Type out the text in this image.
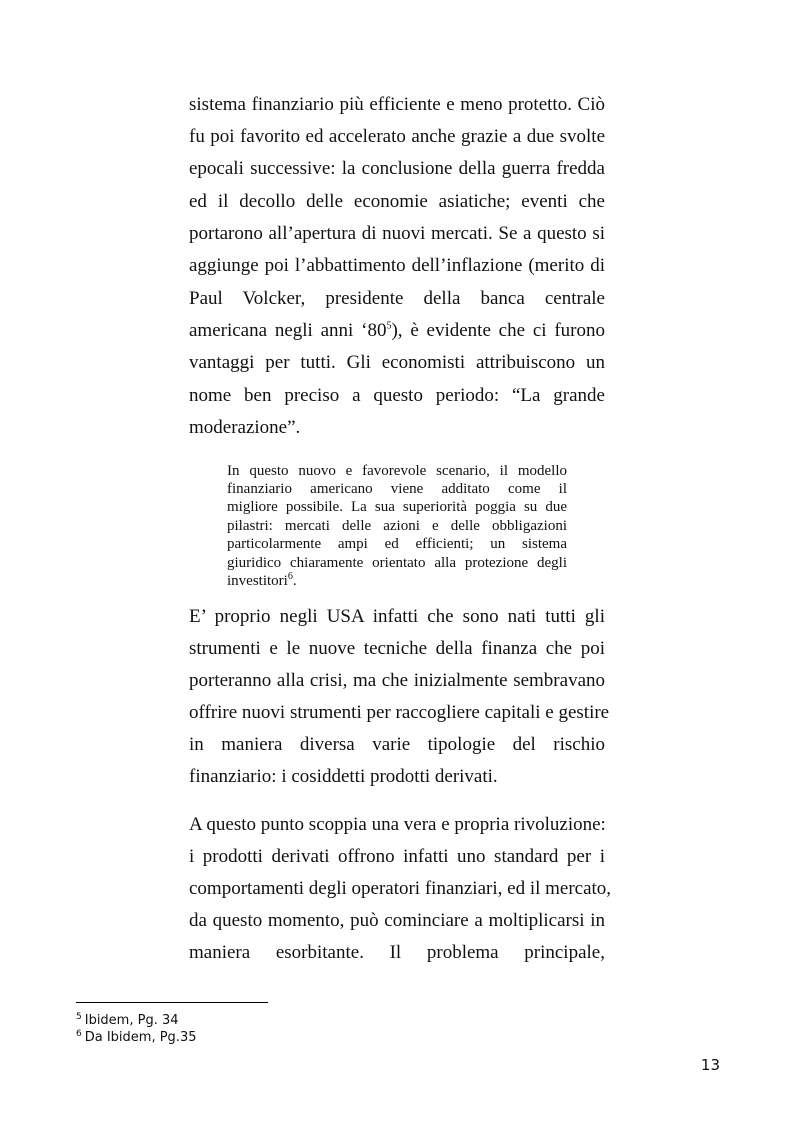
sistema finanziario più efficiente e meno protetto. Ciò
fu poi favorito ed accelerato anche grazie a due svolte
epocali successive: la conclusione della guerra fredda
ed il decollo delle economie asiatiche; eventi che
portarono all’apertura di nuovi mercati. Se a questo si
aggiunge poi l’abbattimento dell’inflazione (merito di
Paul Volcker, presidente della banca centrale
americana negli anni ‘$80^5$), è evidente che ci furono
vantaggi per tutti. Gli economisti attribuiscono un
nome ben preciso a questo periodo: “La grande
moderazione”.
In questo nuovo e favorevole scenario, il modello
finanziario americano viene additato come il
migliore possibile. La sua superiorità poggia su due
pilastri: mercati delle azioni e delle obbligazioni
particolarmente ampi ed efficienti; un sistema
giuridico chiaramente orientato alla protezione degli
investitori$^6$.
E’ proprio negli USA infatti che sono nati tutti gli
strumenti e le nuove tecniche della finanza che poi
porteranno alla crisi, ma che inizialmente sembravano
offrire nuovi strumenti per raccogliere capitali e gestire
in maniera diversa varie tipologie del rischio
finanziario: i cosiddetti prodotti derivati.
A questo punto scoppia una vera e propria rivoluzione:
i prodotti derivati offrono infatti uno standard per i
comportamenti degli operatori finanziari, ed il mercato,
da questo momento, può cominciare a moltiplicarsi in
maniera esorbitante. Il problema principale,
$^5$ Ibidem, Pg. 34
$^6$ Da Ibidem, Pg.35
13
